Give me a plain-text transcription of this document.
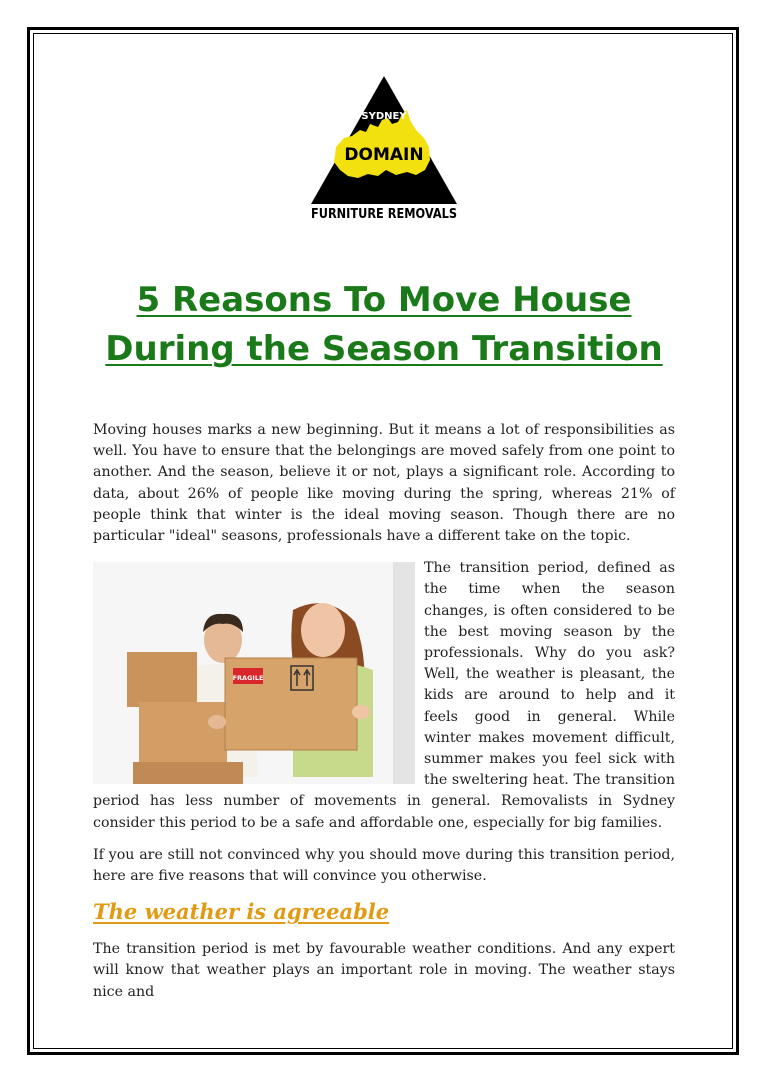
SYDNEY
DOMAIN
FURNITURE REMOVALS
5 Reasons To Move House
During the Season Transition

Moving houses marks a new beginning. But it means a lot of responsibilities as well. You have to ensure that the belongings are moved safely from one point to another. And the season, believe it or not, plays a significant role. According to data, about 26% of people like moving during the spring, whereas 21% of people think that winter is the ideal moving season. Though there are no particular "ideal" seasons, professionals have a different take on the topic.

FRAGILE

The transition period, defined as the time when the season changes, is often considered to be the best moving season by the professionals. Why do you ask? Well, the weather is pleasant, the kids are around to help and it feels good in general. While winter makes movement difficult, summer makes you feel sick with the sweltering heat. The transition period has less number of movements in general. Removalists in Sydney consider this period to be a safe and affordable one, especially for big families.

If you are still not convinced why you should move during this transition period, here are five reasons that will convince you otherwise.

The weather is agreeable

The transition period is met by favourable weather conditions. And any expert will know that weather plays an important role in moving. The weather stays nice and
